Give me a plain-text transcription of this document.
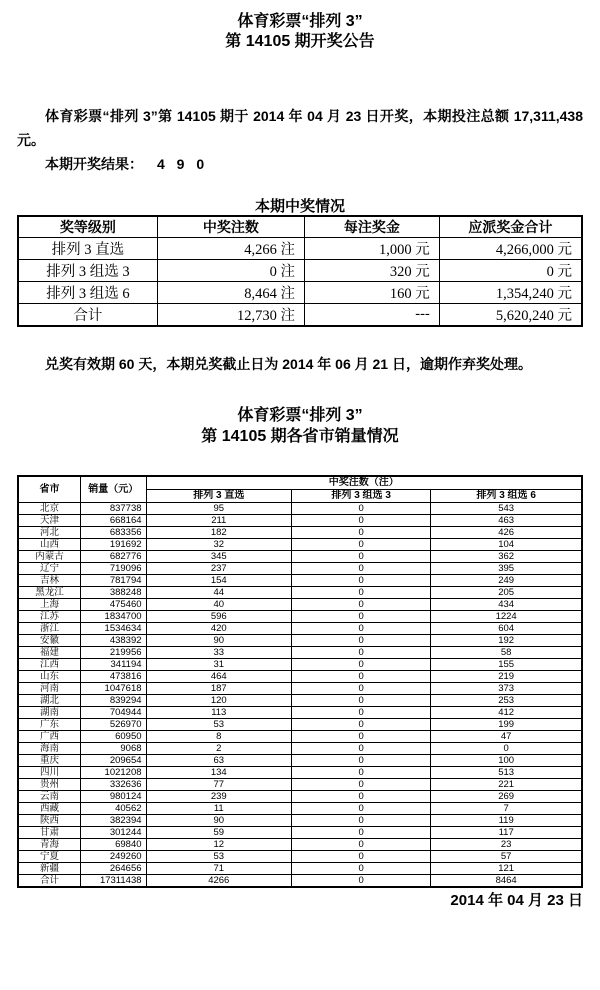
体育彩票“排列 3”
第 14105 期开奖公告

体育彩票“排列 3”第 14105 期于 2014 年 04 月 23 日开奖，本期投注总额 17,311,438 元。

本期开奖结果： 4 9 0

本期中奖情况
奖等级别	中奖注数	每注奖金	应派奖金合计
排列 3 直选	4,266 注	1,000 元	4,266,000 元
排列 3 组选 3	0 注	320 元	0 元
排列 3 组选 6	8,464 注	160 元	1,354,240 元
合计	12,730 注	---	5,620,240 元

兑奖有效期 60 天，本期兑奖截止日为 2014 年 06 月 21 日，逾期作弃奖处理。

体育彩票“排列 3”
第 14105 期各省市销量情况
省市	销量（元）	中奖注数（注）		
		排列 3 直选	排列 3 组选 3	排列 3 组选 6
北京	837738	95	0	543
天津	668164	211	0	463
河北	683356	182	0	426
山西	191692	32	0	104
内蒙古	682776	345	0	362
辽宁	719096	237	0	395
吉林	781794	154	0	249
黑龙江	388248	44	0	205
上海	475460	40	0	434
江苏	1834700	596	0	1224
浙江	1534634	420	0	604
安徽	438392	90	0	192
福建	219956	33	0	58
江西	341194	31	0	155
山东	473816	464	0	219
河南	1047618	187	0	373
湖北	839294	120	0	253
湖南	704944	113	0	412
广东	526970	53	0	199
广西	60950	8	0	47
海南	9068	2	0	0
重庆	209654	63	0	100
四川	1021208	134	0	513
贵州	332636	77	0	221
云南	980124	239	0	269
西藏	40562	11	0	7
陕西	382394	90	0	119
甘肃	301244	59	0	117
青海	69840	12	0	23
宁夏	249260	53	0	57
新疆	264656	71	0	121
合计	17311438	4266	0	8464
2014 年 04 月 23 日
